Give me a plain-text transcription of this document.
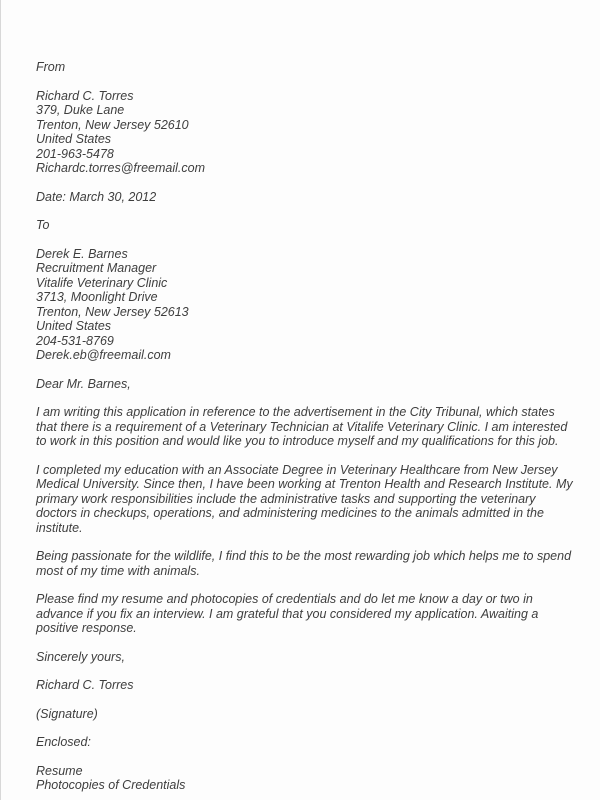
From

Richard C. Torres
379, Duke Lane
Trenton, New Jersey 52610
United States
201-963-5478
Richardc.torres@freemail.com

Date: March 30, 2012

To

Derek E. Barnes
Recruitment Manager
Vitalife Veterinary Clinic
3713, Moonlight Drive
Trenton, New Jersey 52613
United States
204-531-8769
Derek.eb@freemail.com

Dear Mr. Barnes,

I am writing this application in reference to the advertisement in the City Tribunal, which states that there is a requirement of a Veterinary Technician at Vitalife Veterinary Clinic. I am interested to work in this position and would like you to introduce myself and my qualifications for this job.

I completed my education with an Associate Degree in Veterinary Healthcare from New Jersey Medical University. Since then, I have been working at Trenton Health and Research Institute. My primary work responsibilities include the administrative tasks and supporting the veterinary doctors in checkups, operations, and administering medicines to the animals admitted in the institute.

Being passionate for the wildlife, I find this to be the most rewarding job which helps me to spend most of my time with animals.

Please find my resume and photocopies of credentials and do let me know a day or two in advance if you fix an interview. I am grateful that you considered my application. Awaiting a positive response.

Sincerely yours,

Richard C. Torres

(Signature)

Enclosed:

Resume
Photocopies of Credentials
